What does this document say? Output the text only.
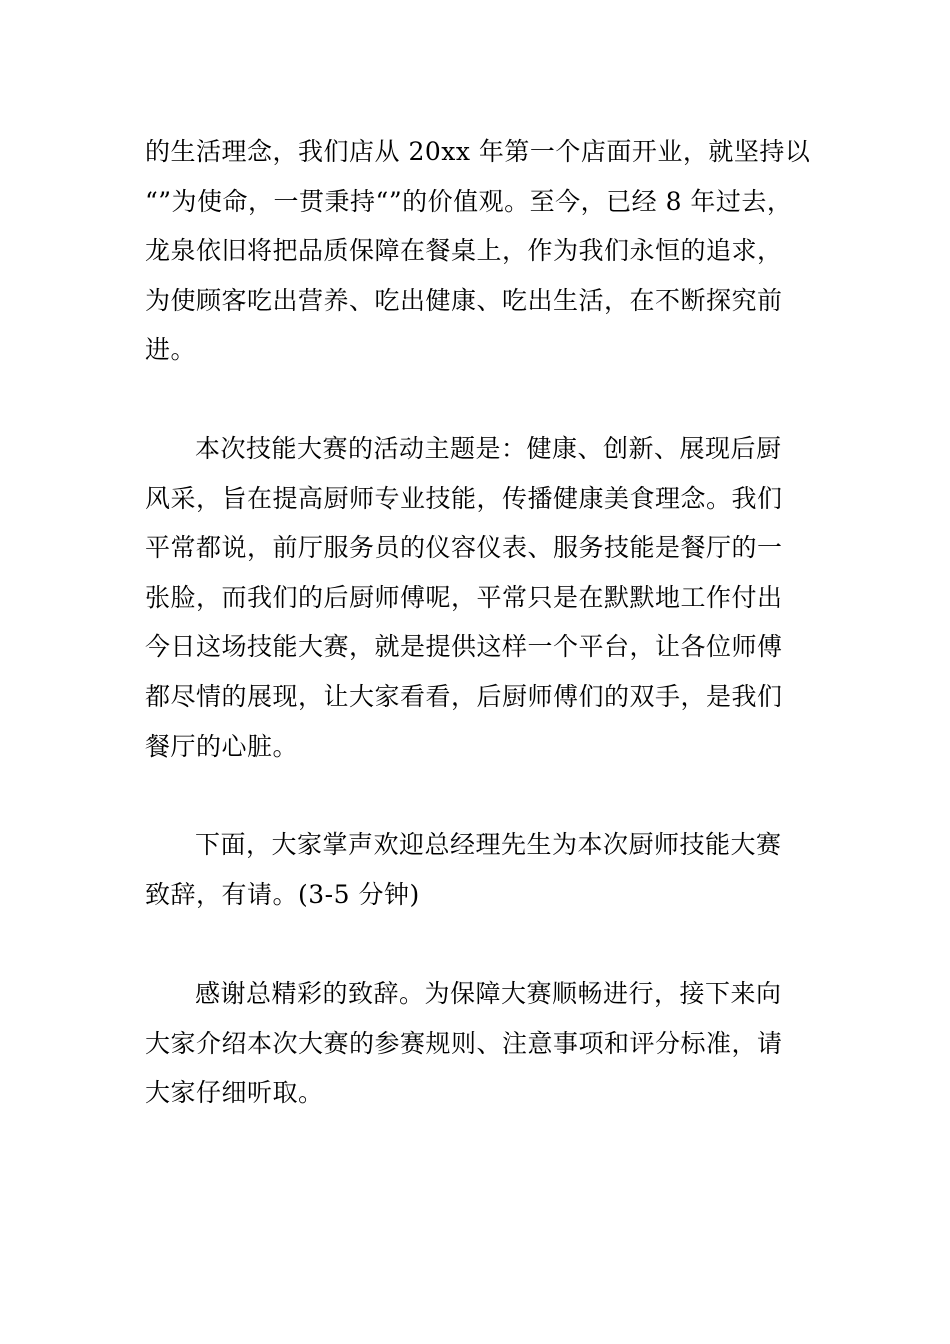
的生活理念，我们店从 20xx 年第一个店面开业，就坚持以
“”为使命，一贯秉持“”的价值观。至今，已经 8 年过去，
龙泉依旧将把品质保障在餐桌上，作为我们永恒的追求，
为使顾客吃出营养、吃出健康、吃出生活，在不断探究前
进。
本次技能大赛的活动主题是：健康、创新、展现后厨
风采，旨在提高厨师专业技能，传播健康美食理念。我们
平常都说，前厅服务员的仪容仪表、服务技能是餐厅的一
张脸，而我们的后厨师傅呢，平常只是在默默地工作付出
今日这场技能大赛，就是提供这样一个平台，让各位师傅
都尽情的展现，让大家看看，后厨师傅们的双手，是我们
餐厅的心脏。
下面，大家掌声欢迎总经理先生为本次厨师技能大赛
致辞，有请。(3-5 分钟)
感谢总精彩的致辞。为保障大赛顺畅进行，接下来向
大家介绍本次大赛的参赛规则、注意事项和评分标准，请
大家仔细听取。
